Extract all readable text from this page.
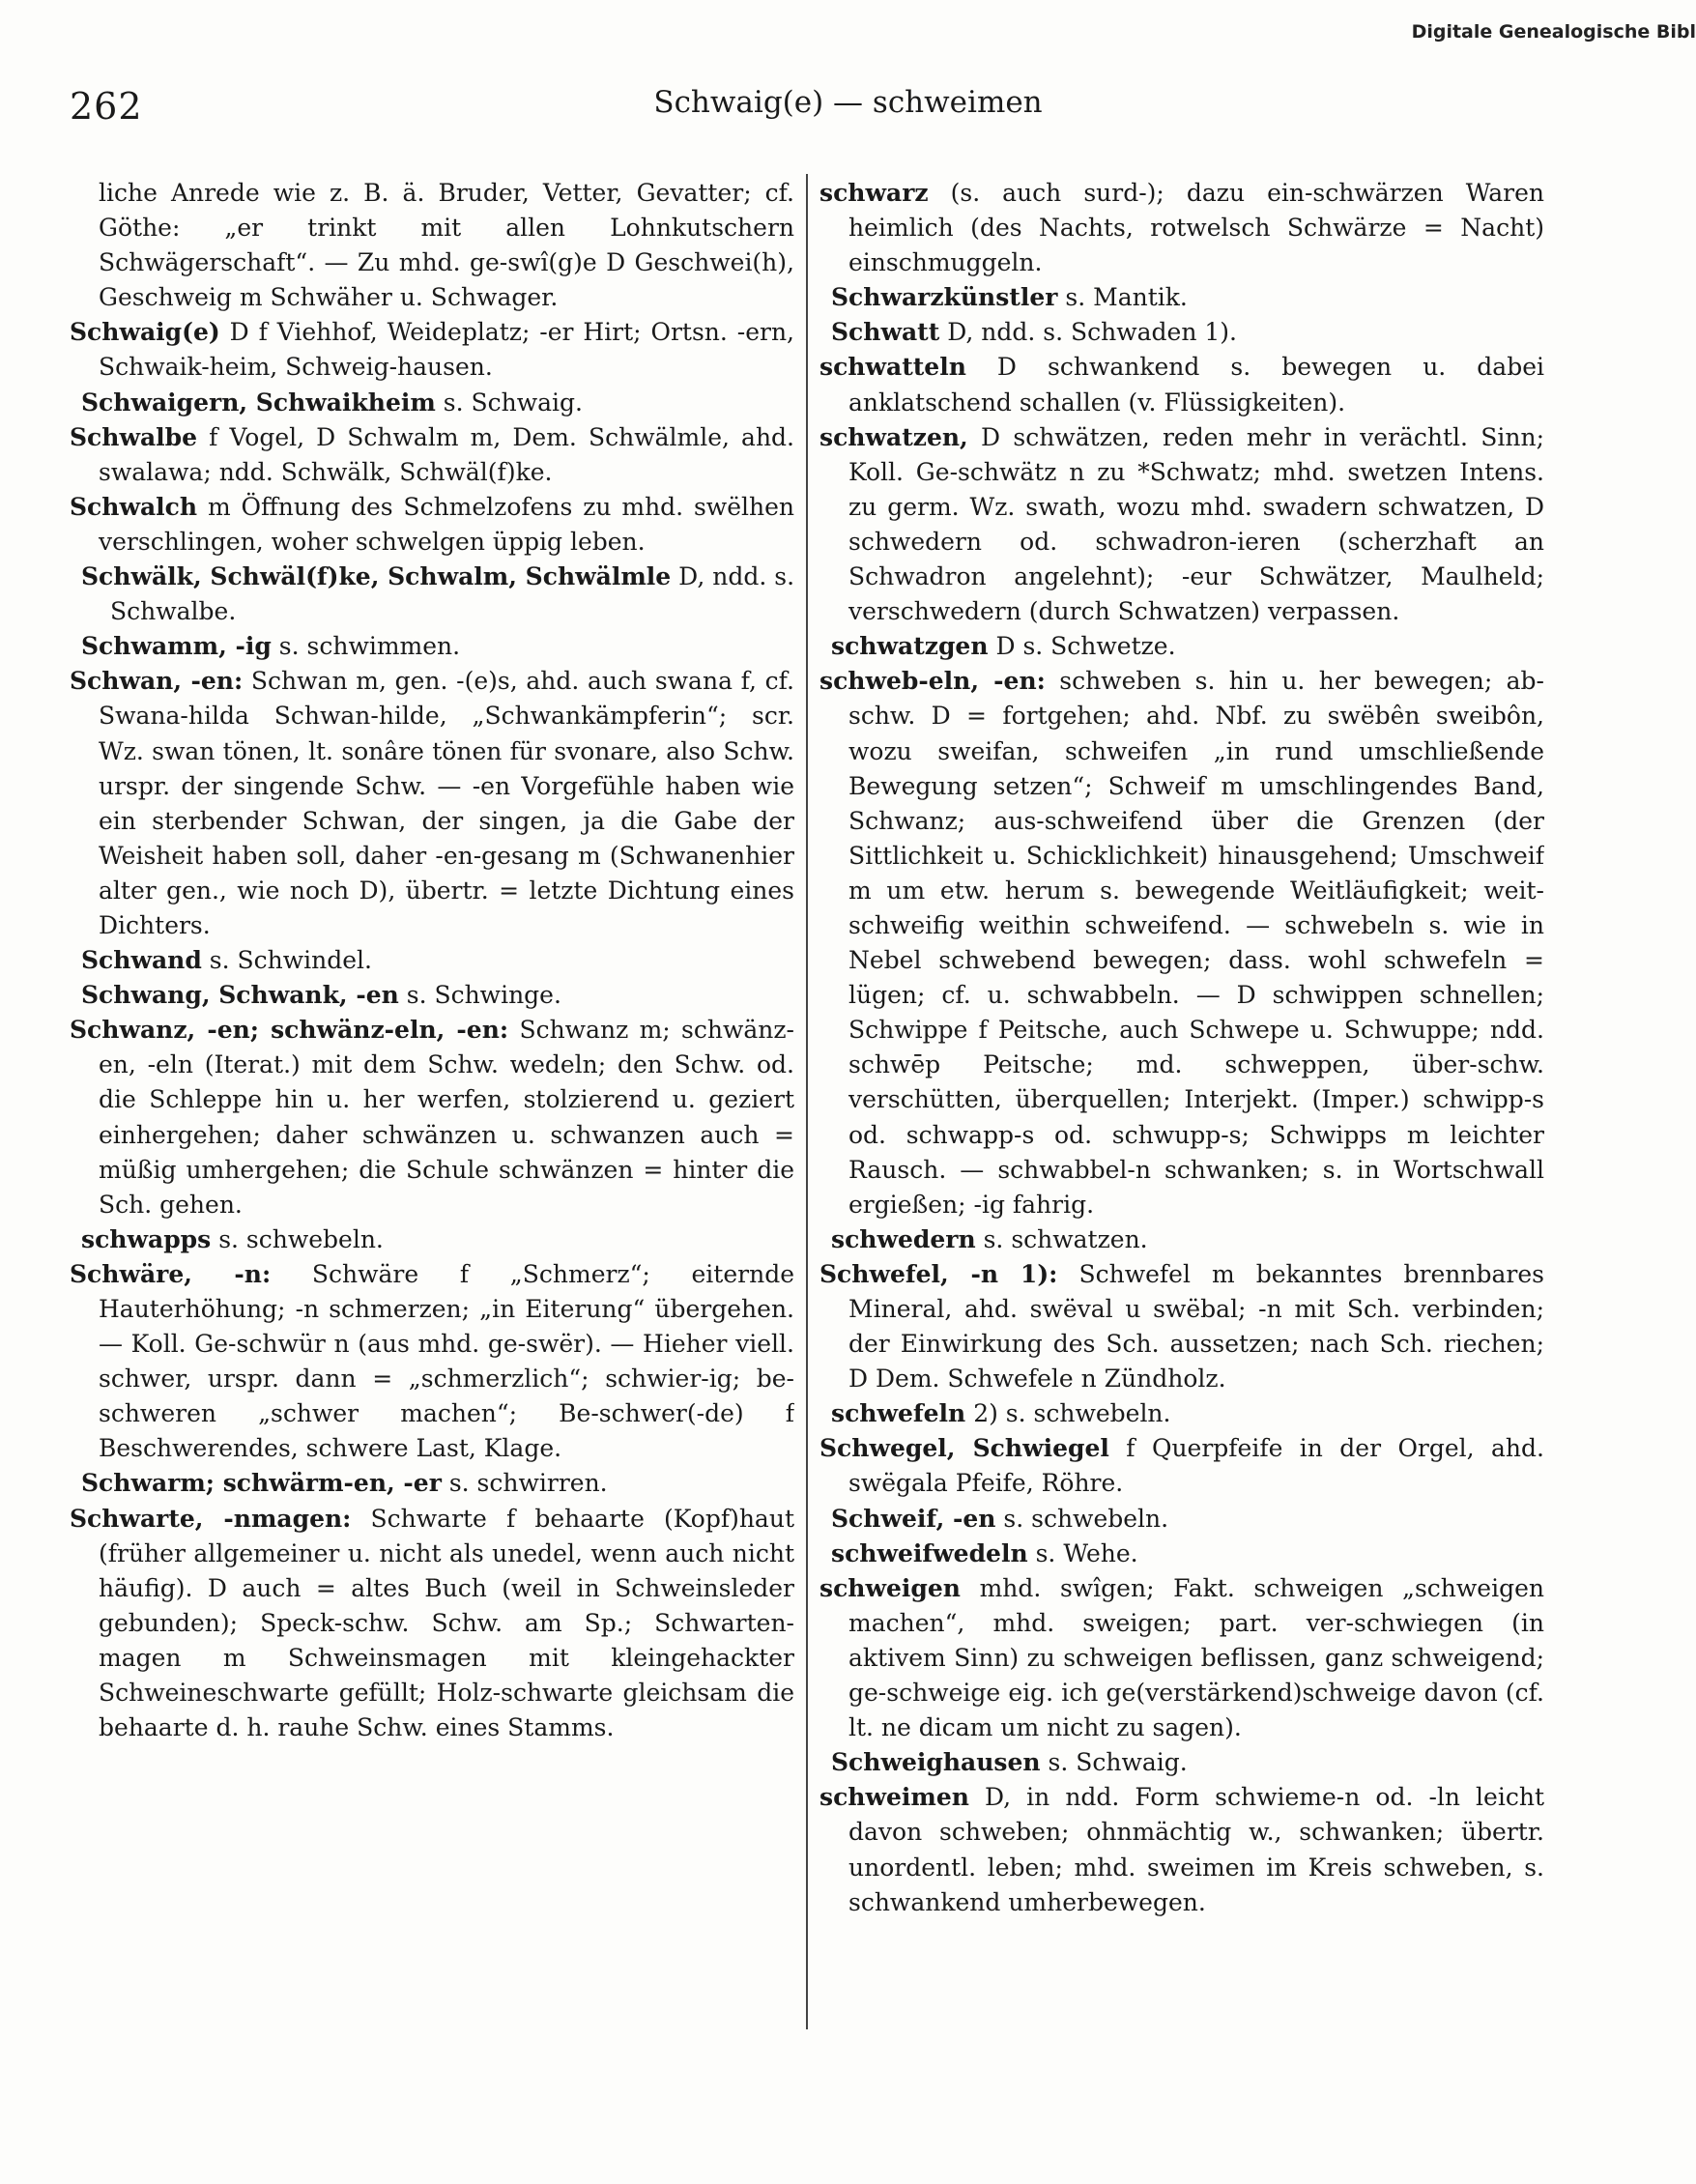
Digitale Genealogische Bibl
262	Schwaig(e) — schweimen

liche Anrede wie z. B. ä. Bruder, Vetter, Gevatter; cf. Göthe: „er trinkt mit allen Lohnkutschern Schwägerschaft“. — Zu mhd. ge-swî(g)e D Geschwei(h), Geschweig m Schwäher u. Schwager.

Schwaig(e) D f Viehhof, Weideplatz; -er Hirt; Ortsn. -ern, Schwaik-heim, Schweig-hausen.

Schwaigern, Schwaikheim s. Schwaig.

Schwalbe f Vogel, D Schwalm m, Dem. Schwälmle, ahd. swalawa; ndd. Schwälk, Schwäl(f)ke.

Schwalch m Öffnung des Schmelzofens zu mhd. swëlhen verschlingen, woher schwelgen üppig leben.

Schwälk, Schwäl(f)ke, Schwalm, Schwälmle D, ndd. s. Schwalbe.

Schwamm, -ig s. schwimmen.

Schwan, -en: Schwan m, gen. -(e)s, ahd. auch swana f, cf. Swana-hilda Schwan-hilde, „Schwankämpferin“; scr. Wz. swan tönen, lt. sonâre tönen für svonare, also Schw. urspr. der singende Schw. — -en Vorgefühle haben wie ein sterbender Schwan, der singen, ja die Gabe der Weisheit haben soll, daher -en-gesang m (Schwanenhier alter gen., wie noch D), übertr. = letzte Dichtung eines Dichters.

Schwand s. Schwindel.

Schwang, Schwank, -en s. Schwinge.

Schwanz, -en; schwänz-eln, -en: Schwanz m; schwänz-en, -eln (Iterat.) mit dem Schw. wedeln; den Schw. od. die Schleppe hin u. her werfen, stolzierend u. geziert einhergehen; daher schwänzen u. schwanzen auch = müßig umhergehen; die Schule schwänzen = hinter die Sch. gehen.

schwapps s. schwebeln.

Schwäre, -n: Schwäre f „Schmerz“; eiternde Hauterhöhung; -n schmerzen; „in Eiterung“ übergehen. — Koll. Ge-schwür n (aus mhd. ge-swër). — Hieher viell. schwer, urspr. dann = „schmerzlich“; schwier-ig; be-schweren „schwer machen“; Be-schwer(-de) f Beschwerendes, schwere Last, Klage.

Schwarm; schwärm-en, -er s. schwirren.

Schwarte, -nmagen: Schwarte f behaarte (Kopf)haut (früher allgemeiner u. nicht als unedel, wenn auch nicht häufig). D auch = altes Buch (weil in Schweinsleder gebunden); Speck-schw. Schw. am Sp.; Schwarten-magen m Schweinsmagen mit kleingehackter Schweineschwarte gefüllt; Holz-schwarte gleichsam die behaarte d. h. rauhe Schw. eines Stamms.

schwarz (s. auch surd-); dazu ein-schwärzen Waren heimlich (des Nachts, rotwelsch Schwärze = Nacht) einschmuggeln.

Schwarzkünstler s. Mantik.

Schwatt D, ndd. s. Schwaden 1).

schwatteln D schwankend s. bewegen u. dabei anklatschend schallen (v. Flüssigkeiten).

schwatzen, D schwätzen, reden mehr in verächtl. Sinn; Koll. Ge-schwätz n zu *Schwatz; mhd. swetzen Intens. zu germ. Wz. swath, wozu mhd. swadern schwatzen, D schwedern od. schwadron-ieren (scherzhaft an Schwadron angelehnt); -eur Schwätzer, Maulheld; verschwedern (durch Schwatzen) verpassen.

schwatzgen D s. Schwetze.

schweb-eln, -en: schweben s. hin u. her bewegen; ab-schw. D = fortgehen; ahd. Nbf. zu swëbên sweibôn, wozu sweifan, schweifen „in rund umschließende Bewegung setzen“; Schweif m umschlingendes Band, Schwanz; aus-schweifend über die Grenzen (der Sittlichkeit u. Schicklichkeit) hinausgehend; Umschweif m um etw. herum s. bewegende Weitläufigkeit; weit-schweifig weithin schweifend. — schwebeln s. wie in Nebel schwebend bewegen; dass. wohl schwefeln = lügen; cf. u. schwabbeln. — D schwippen schnellen; Schwippe f Peitsche, auch Schwepe u. Schwuppe; ndd. schwēp Peitsche; md. schweppen, über-schw. verschütten, überquellen; Interjekt. (Imper.) schwipp-s od. schwapp-s od. schwupp-s; Schwipps m leichter Rausch. — schwabbel-n schwanken; s. in Wortschwall ergießen; -ig fahrig.

schwedern s. schwatzen.

Schwefel, -n 1): Schwefel m bekanntes brennbares Mineral, ahd. swëval u swëbal; -n mit Sch. verbinden; der Einwirkung des Sch. aussetzen; nach Sch. riechen; D Dem. Schwefele n Zündholz.

schwefeln 2) s. schwebeln.

Schwegel, Schwiegel f Querpfeife in der Orgel, ahd. swëgala Pfeife, Röhre.

Schweif, -en s. schwebeln.

schweifwedeln s. Wehe.

schweigen mhd. swîgen; Fakt. schweigen „schweigen machen“, mhd. sweigen; part. ver-schwiegen (in aktivem Sinn) zu schweigen beflissen, ganz schweigend; ge-schweige eig. ich ge(verstärkend)schweige davon (cf. lt. ne dicam um nicht zu sagen).

Schweighausen s. Schwaig.

schweimen D, in ndd. Form schwieme-n od. -ln leicht davon schweben; ohnmächtig w., schwanken; übertr. unordentl. leben; mhd. sweimen im Kreis schweben, s. schwankend umherbewegen.
